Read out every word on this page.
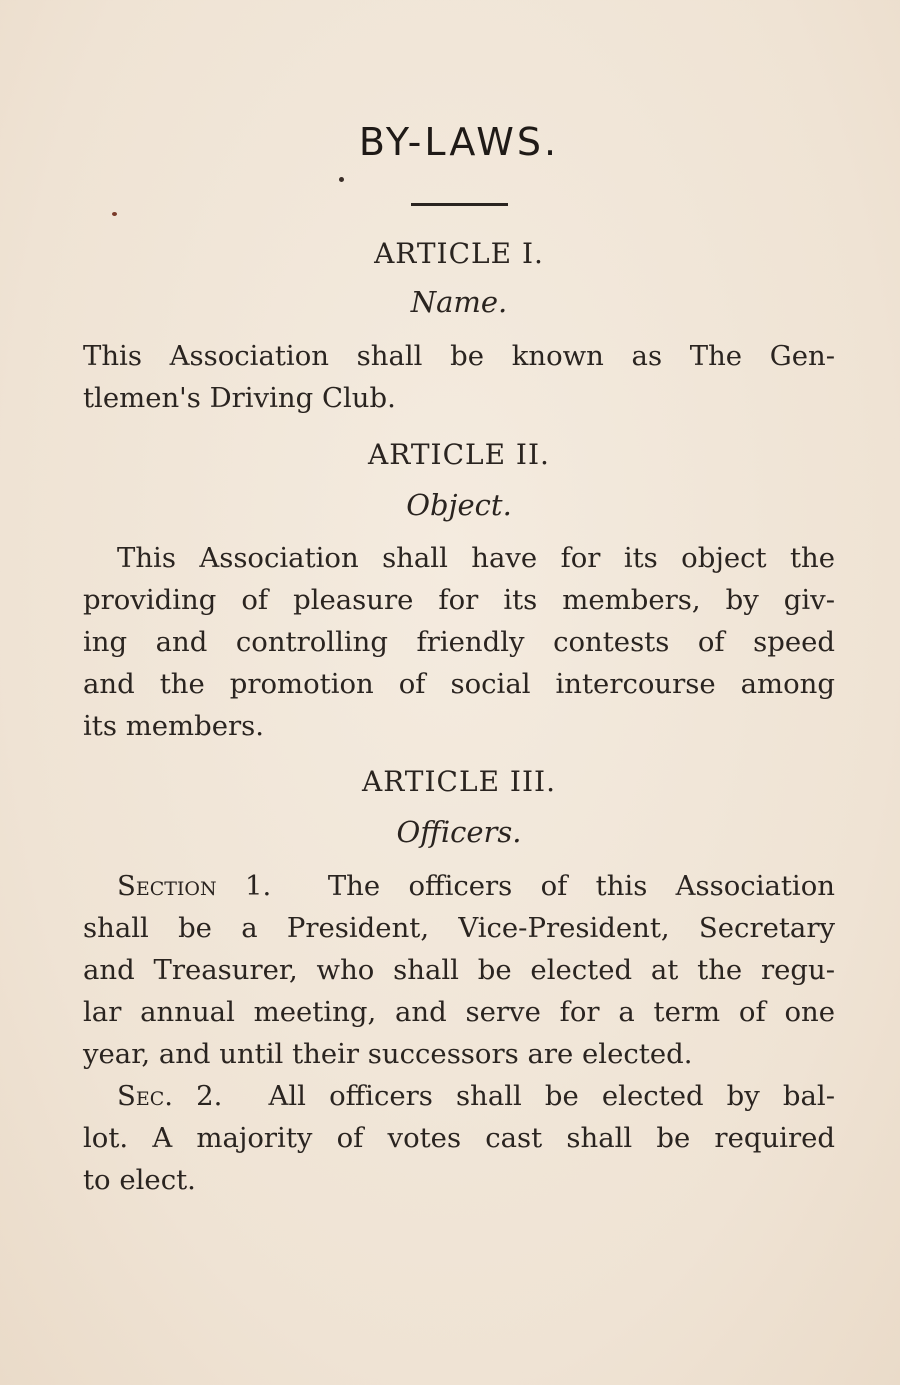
BY-LAWS.
ARTICLE I.
Name.
This Association shall be known as The Gen-
tlemen's Driving Club.
ARTICLE II.
Object.
This Association shall have for its object the
providing of pleasure for its members, by giv-
ing and controlling friendly contests of speed
and the promotion of social intercourse among
its members.
ARTICLE III.
Officers.
Section 1. The officers of this Association
shall be a President, Vice-President, Secretary
and Treasurer, who shall be elected at the regu-
lar annual meeting, and serve for a term of one
year, and until their successors are elected.
Sec. 2. All officers shall be elected by bal-
lot. A majority of votes cast shall be required
to elect.
